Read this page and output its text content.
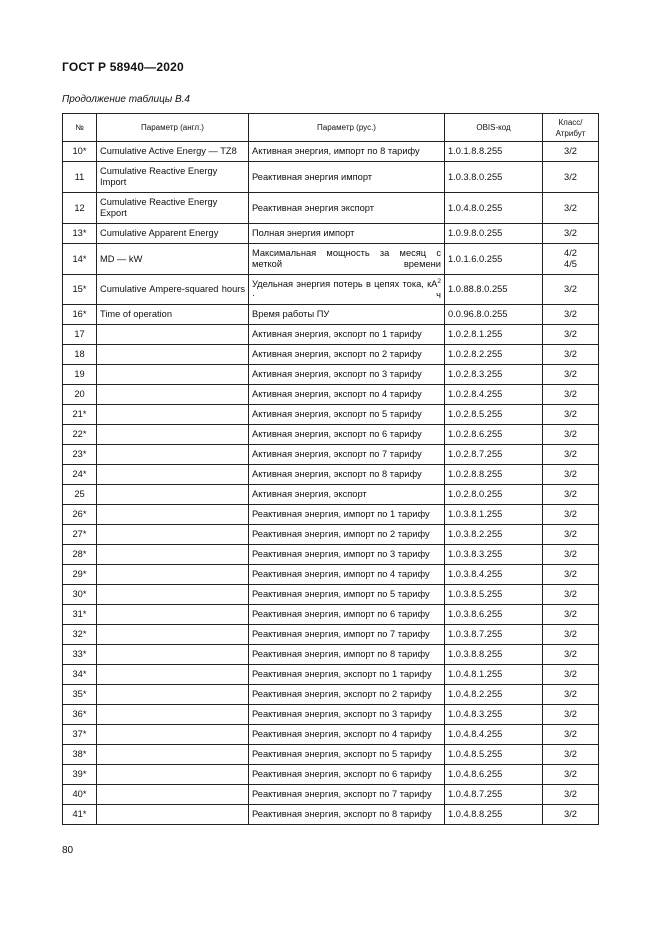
ГОСТ Р 58940—2020
Продолжение таблицы В.4
№	Параметр (англ.)	Параметр (рус.)	OBIS-код	Класс/
Атрибут
10*	Cumulative Active Energy — TZ8	Активная энергия, импорт по 8 тарифу	1.0.1.8.8.255	3/2
11	Cumulative Reactive Energy Import	Реактивная энергия импорт	1.0.3.8.0.255	3/2
12	Cumulative Reactive Energy Export	Реактивная энергия экспорт	1.0.4.8.0.255	3/2
13*	Cumulative Apparent Energy	Полная энергия импорт	1.0.9.8.0.255	3/2
14*	MD — kW	Максимальная мощность за месяц с меткой времени	1.0.1.6.0.255	4/2
4/5
15*	Cumulative Ampere-squared hours	Удельная энергия потерь в цепях тока, $кА^2 \cdot ч$	1.0.88.8.0.255	3/2
16*	Time of operation	Время работы ПУ	0.0.96.8.0.255	3/2
17		Активная энергия, экспорт по 1 тарифу	1.0.2.8.1.255	3/2
18		Активная энергия, экспорт по 2 тарифу	1.0.2.8.2.255	3/2
19		Активная энергия, экспорт по 3 тарифу	1.0.2.8.3.255	3/2
20		Активная энергия, экспорт по 4 тарифу	1.0.2.8.4.255	3/2
21*		Активная энергия, экспорт по 5 тарифу	1.0.2.8.5.255	3/2
22*		Активная энергия, экспорт по 6 тарифу	1.0.2.8.6.255	3/2
23*		Активная энергия, экспорт по 7 тарифу	1.0.2.8.7.255	3/2
24*		Активная энергия, экспорт по 8 тарифу	1.0.2.8.8.255	3/2
25		Активная энергия, экспорт	1.0.2.8.0.255	3/2
26*		Реактивная энергия, импорт по 1 тарифу	1.0.3.8.1.255	3/2
27*		Реактивная энергия, импорт по 2 тарифу	1.0.3.8.2.255	3/2
28*		Реактивная энергия, импорт по 3 тарифу	1.0.3.8.3.255	3/2
29*		Реактивная энергия, импорт по 4 тарифу	1.0.3.8.4.255	3/2
30*		Реактивная энергия, импорт по 5 тарифу	1.0.3.8.5.255	3/2
31*		Реактивная энергия, импорт по 6 тарифу	1.0.3.8.6.255	3/2
32*		Реактивная энергия, импорт по 7 тарифу	1.0.3.8.7.255	3/2
33*		Реактивная энергия, импорт по 8 тарифу	1.0.3.8.8.255	3/2
34*		Реактивная энергия, экспорт по 1 тарифу	1.0.4.8.1.255	3/2
35*		Реактивная энергия, экспорт по 2 тарифу	1.0.4.8.2.255	3/2
36*		Реактивная энергия, экспорт по 3 тарифу	1.0.4.8.3.255	3/2
37*		Реактивная энергия, экспорт по 4 тарифу	1.0.4.8.4.255	3/2
38*		Реактивная энергия, экспорт по 5 тарифу	1.0.4.8.5.255	3/2
39*		Реактивная энергия, экспорт по 6 тарифу	1.0.4.8.6.255	3/2
40*		Реактивная энергия, экспорт по 7 тарифу	1.0.4.8.7.255	3/2
41*		Реактивная энергия, экспорт по 8 тарифу	1.0.4.8.8.255	3/2
80
